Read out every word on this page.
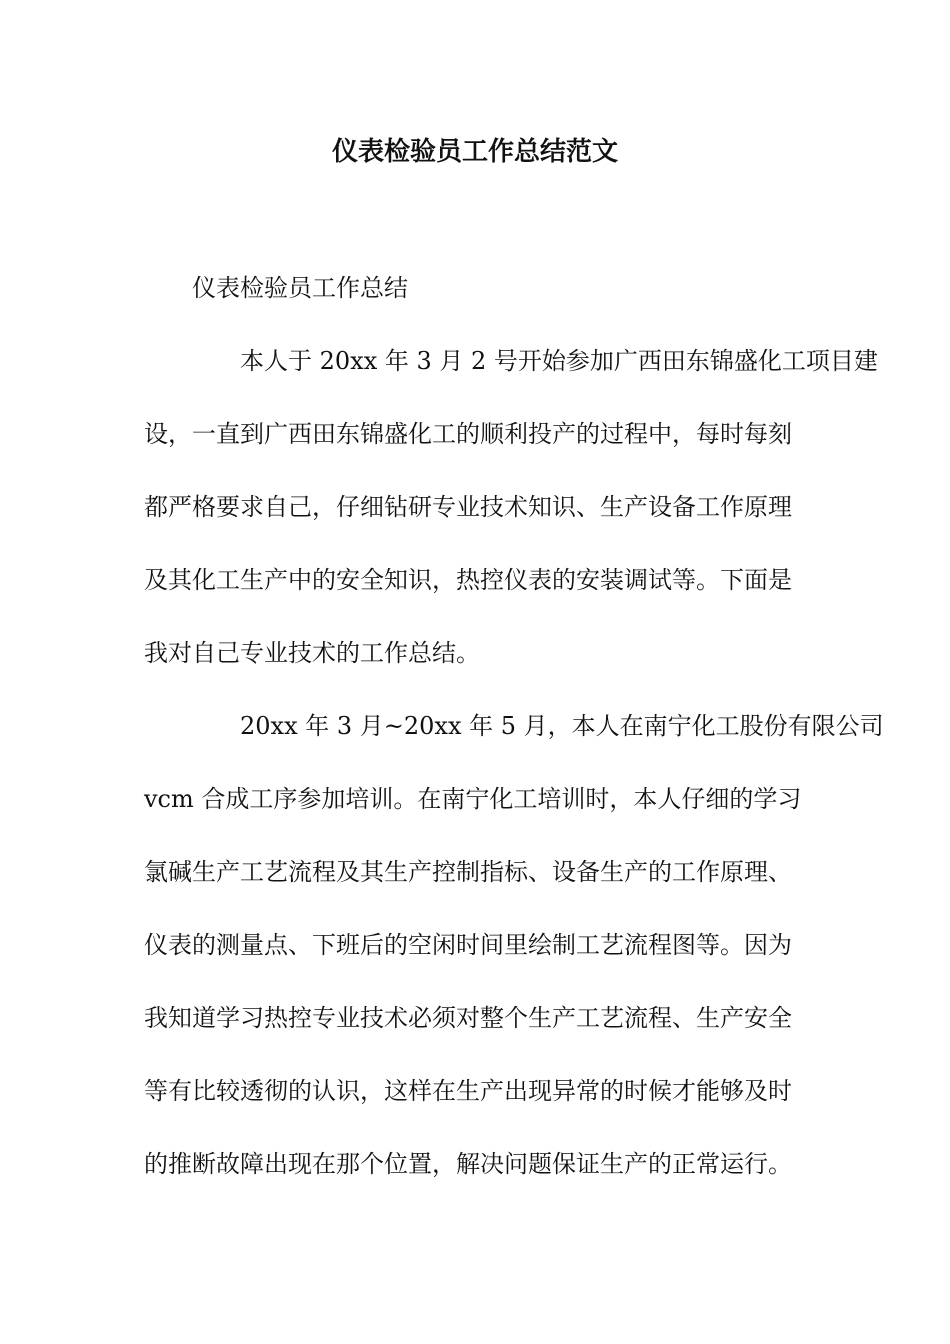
仪表检验员工作总结范文
仪表检验员工作总结
本人于 20xx 年 3 月 2 号开始参加广西田东锦盛化工项目建
设，一直到广西田东锦盛化工的顺利投产的过程中，每时每刻
都严格要求自己，仔细钻研专业技术知识、生产设备工作原理
及其化工生产中的安全知识，热控仪表的安装调试等。下面是
我对自己专业技术的工作总结。
20xx 年 3 月~20xx 年 5 月，本人在南宁化工股份有限公司
vcm 合成工序参加培训。在南宁化工培训时，本人仔细的学习
氯碱生产工艺流程及其生产控制指标、设备生产的工作原理、
仪表的测量点、下班后的空闲时间里绘制工艺流程图等。因为
我知道学习热控专业技术必须对整个生产工艺流程、生产安全
等有比较透彻的认识，这样在生产出现异常的时候才能够及时
的推断故障出现在那个位置，解决问题保证生产的正常运行。
